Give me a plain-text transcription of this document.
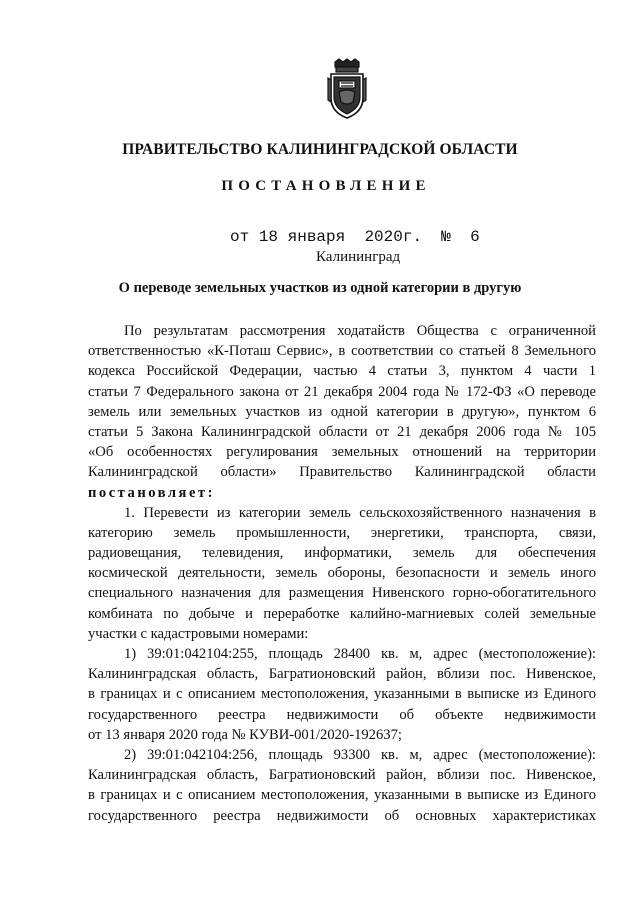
ПРАВИТЕЛЬСТВО КАЛИНИНГРАДСКОЙ ОБЛАСТИ
ПОСТАНОВЛЕНИЕ
от 18 января 2020г. № 6
Калининград
О переводе земельных участков из одной категории в другую
По результатам рассмотрения ходатайств Общества с ограниченной
ответственностью «К-Поташ Сервис», в соответствии со статьей 8 Земельного
кодекса Российской Федерации, частью 4 статьи 3, пунктом 4 части 1
статьи 7 Федерального закона от 21 декабря 2004 года № 172-ФЗ «О переводе
земель или земельных участков из одной категории в другую», пунктом 6
статьи 5 Закона Калининградской области от 21 декабря 2006 года № 105
«Об особенностях регулирования земельных отношений на территории
Калининградской области» Правительство Калининградской области
постановляет:
1. Перевести из категории земель сельскохозяйственного назначения в
категорию земель промышленности, энергетики, транспорта, связи,
радиовещания, телевидения, информатики, земель для обеспечения
космической деятельности, земель обороны, безопасности и земель иного
специального назначения для размещения Нивенского горно-обогатительного
комбината по добыче и переработке калийно-магниевых солей земельные
участки с кадастровыми номерами:
1) 39:01:042104:255, площадь 28400 кв. м, адрес (местоположение):
Калининградская область, Багратионовский район, вблизи пос. Нивенское,
в границах и с описанием местоположения, указанными в выписке из Единого
государственного реестра недвижимости об объекте недвижимости
от 13 января 2020 года № КУВИ-001/2020-192637;
2) 39:01:042104:256, площадь 93300 кв. м, адрес (местоположение):
Калининградская область, Багратионовский район, вблизи пос. Нивенское,
в границах и с описанием местоположения, указанными в выписке из Единого
государственного реестра недвижимости об основных характеристиках
